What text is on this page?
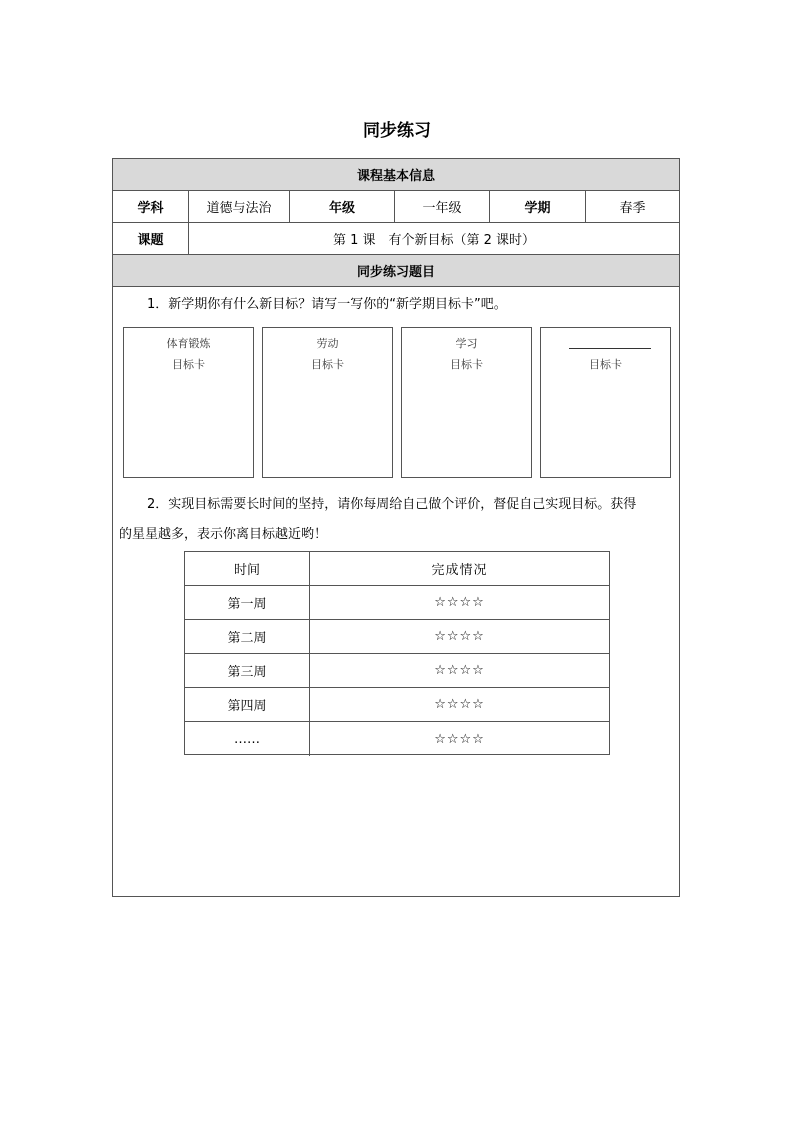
同步练习
课程基本信息
学科	道德与法治	年级	一年级	学期	春季
课题	第 1 课　有个新目标（第 2 课时）
同步练习题目
1．新学期你有什么新目标？请写一写你的“新学期目标卡”吧。
体育锻炼
目标卡
劳动
目标卡
学习
目标卡	目标卡
2．实现目标需要长时间的坚持，请你每周给自己做个评价，督促自己实现目标。获得
的星星越多，表示你离目标越近哟！
时间	完成情况
第一周	☆☆☆☆
第二周	☆☆☆☆
第三周	☆☆☆☆
第四周	☆☆☆☆
……	☆☆☆☆
